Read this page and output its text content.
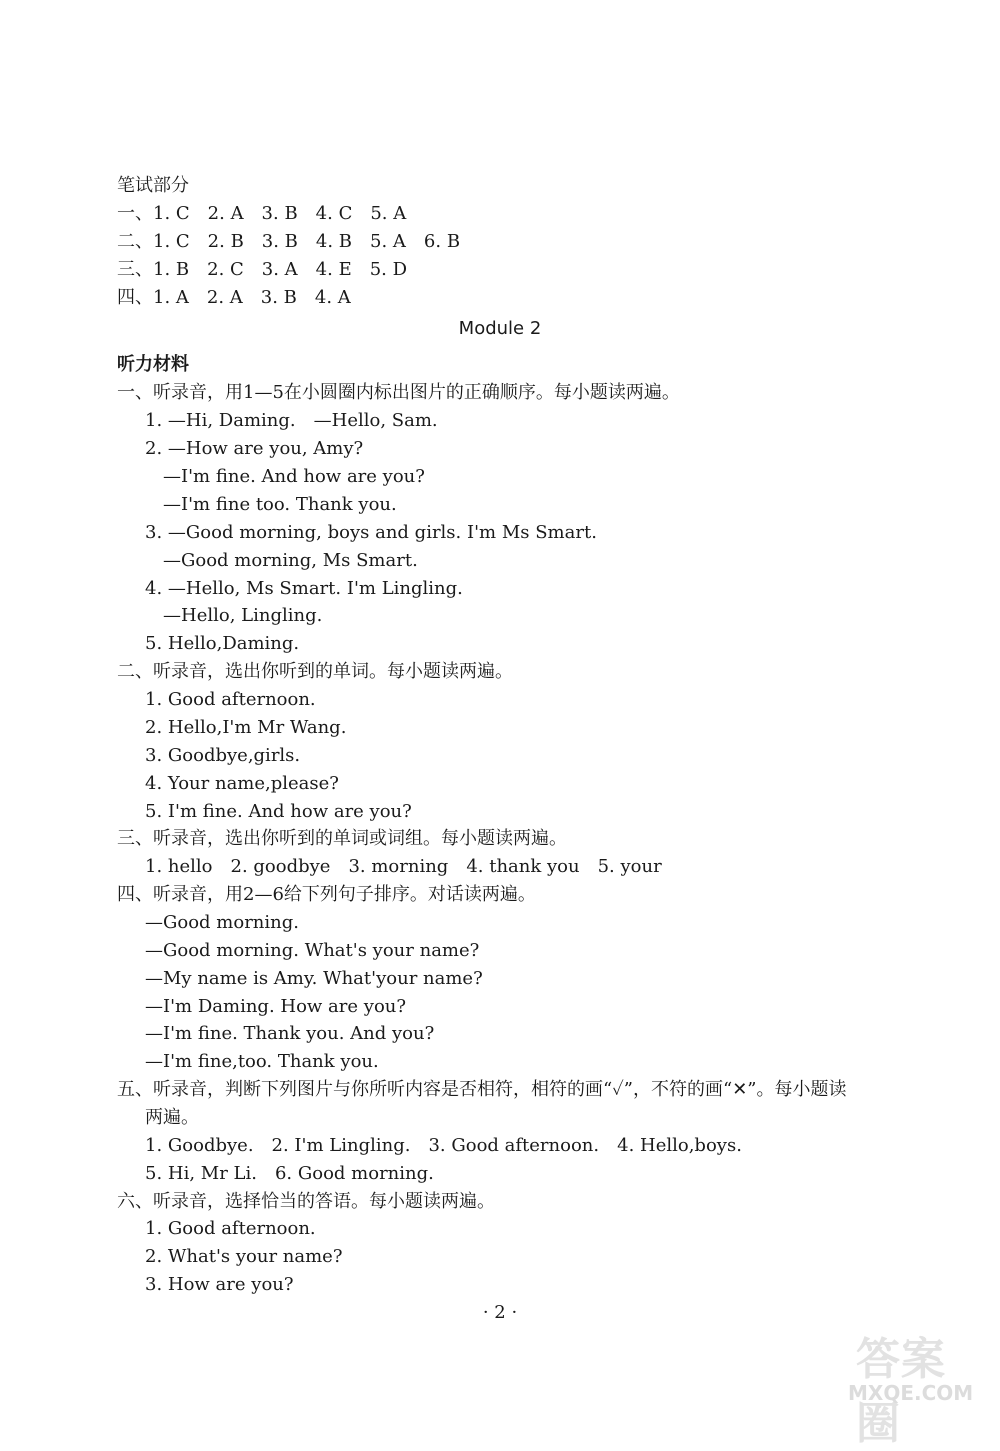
笔试部分
一、1. C　2. A　3. B　4. C　5. A
二、1. C　2. B　3. B　4. B　5. A　6. B
三、1. B　2. C　3. A　4. E　5. D
四、1. A　2. A　3. B　4. A
Module 2
听力材料
一、听录音，用1—5在小圆圈内标出图片的正确顺序。每小题读两遍。
1. —Hi, Daming.　—Hello, Sam.
2. —How are you, Amy?
—I'm fine. And how are you?
—I'm fine too. Thank you.
3. —Good morning, boys and girls. I'm Ms Smart.
—Good morning, Ms Smart.
4. —Hello, Ms Smart. I'm Lingling.
—Hello, Lingling.
5. Hello,Daming.
二、听录音，选出你听到的单词。每小题读两遍。
1. Good afternoon.
2. Hello,I'm Mr Wang.
3. Goodbye,girls.
4. Your name,please?
5. I'm fine. And how are you?
三、听录音，选出你听到的单词或词组。每小题读两遍。
1. hello　2. goodbye　3. morning　4. thank you　5. your
四、听录音，用2—6给下列句子排序。对话读两遍。
—Good morning.
—Good morning. What's your name?
—My name is Amy. What'your name?
—I'm Daming. How are you?
—I'm fine. Thank you. And you?
—I'm fine,too. Thank you.
五、听录音，判断下列图片与你所听内容是否相符，相符的画“✓”，不符的画“✕”。每小题读
两遍。
1. Goodbye.　2. I'm Lingling.　3. Good afternoon.　4. Hello,boys.
5. Hi, Mr Li.　6. Good morning.
六、听录音，选择恰当的答语。每小题读两遍。
1. Good afternoon.
2. What's your name?
3. How are you?
· 2 ·
答案圈
MXQE.COM
